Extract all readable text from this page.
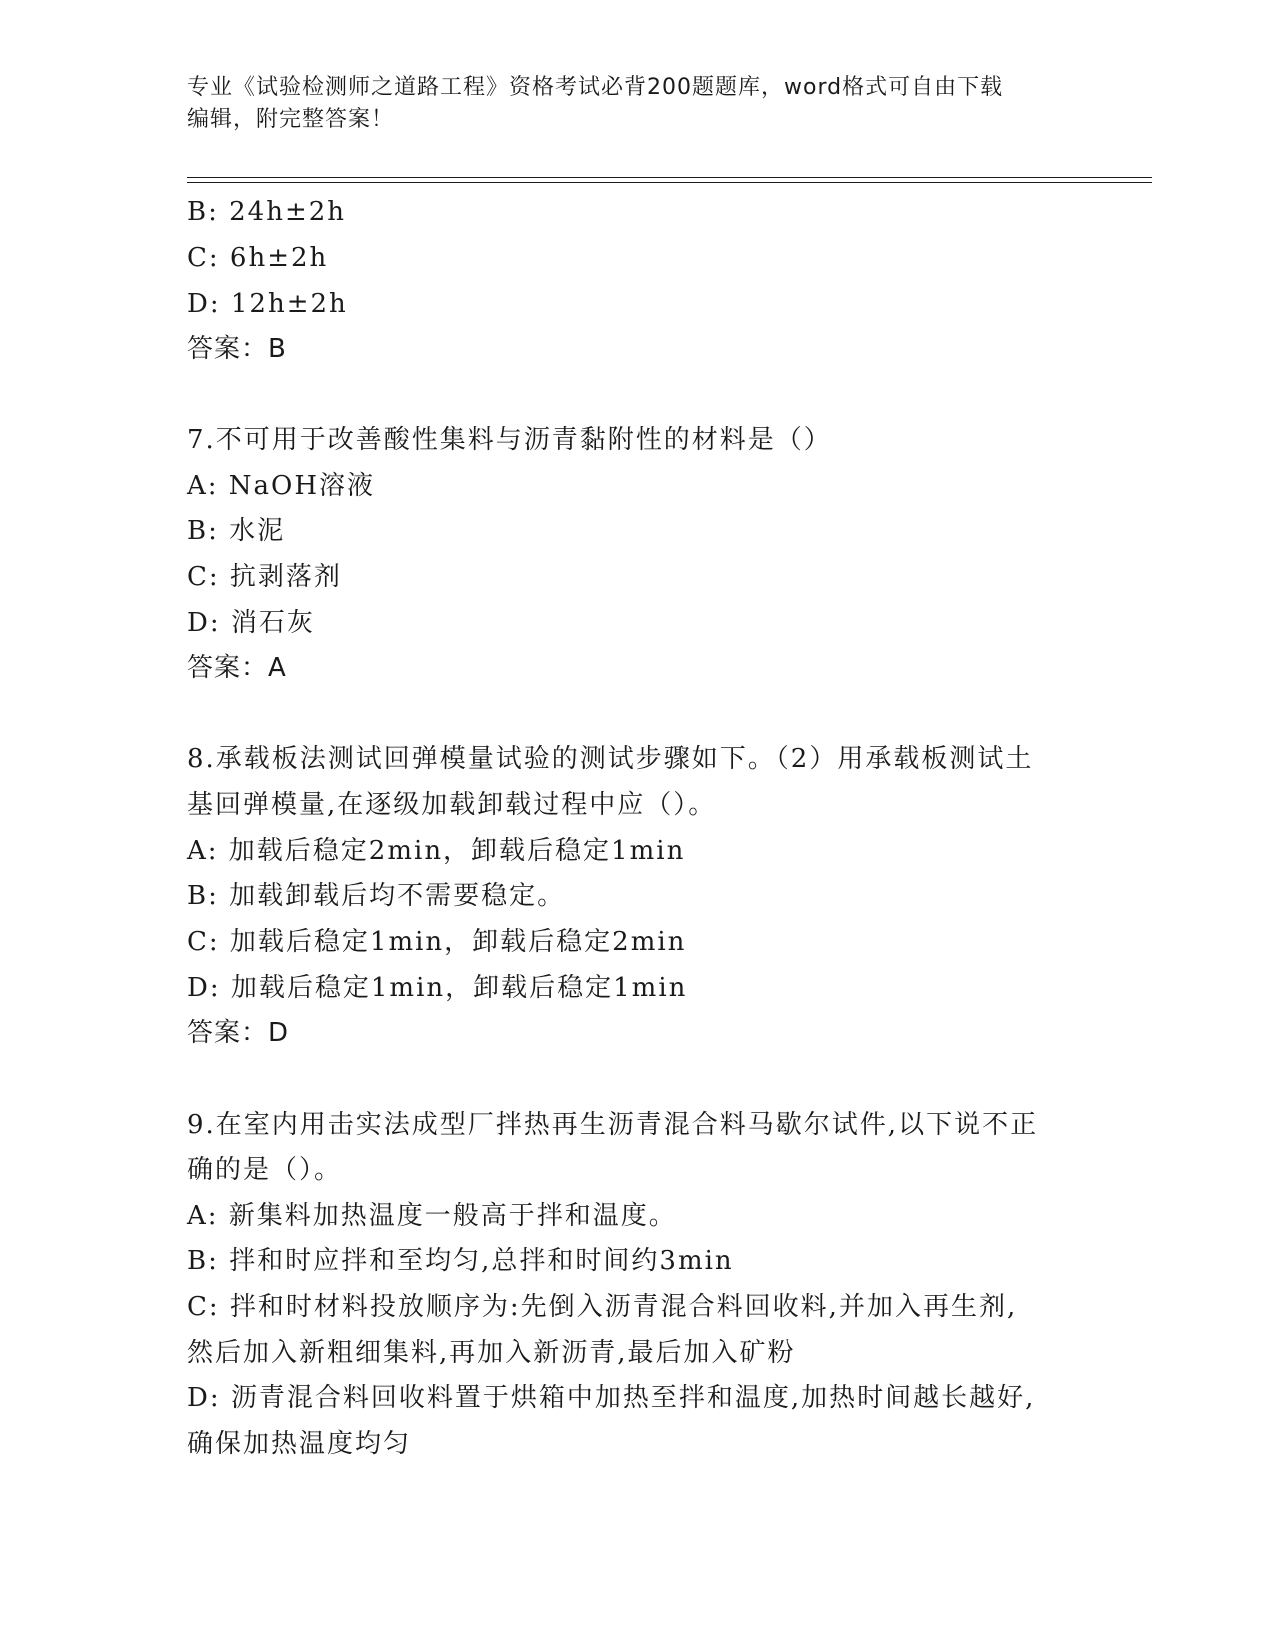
专业《试验检测师之道路工程》资格考试必背200题题库，word格式可自由下载
编辑，附完整答案！
B: 24h±2h
C: 6h±2h
D: 12h±2h
答案：B
7.不可用于改善酸性集料与沥青黏附性的材料是（）
A: NaOH溶液
B: 水泥
C: 抗剥落剂
D: 消石灰
答案：A
8.承载板法测试回弹模量试验的测试步骤如下。（2）用承载板测试土
基回弹模量,在逐级加载卸载过程中应（）。
A: 加载后稳定2min，卸载后稳定1min
B: 加载卸载后均不需要稳定。
C: 加载后稳定1min，卸载后稳定2min
D: 加载后稳定1min，卸载后稳定1min
答案：D
9.在室内用击实法成型厂拌热再生沥青混合料马歇尔试件,以下说不正
确的是（）。
A: 新集料加热温度一般高于拌和温度。
B: 拌和时应拌和至均匀,总拌和时间约3min
C: 拌和时材料投放顺序为:先倒入沥青混合料回收料,并加入再生剂,
然后加入新粗细集料,再加入新沥青,最后加入矿粉
D: 沥青混合料回收料置于烘箱中加热至拌和温度,加热时间越长越好,
确保加热温度均匀
